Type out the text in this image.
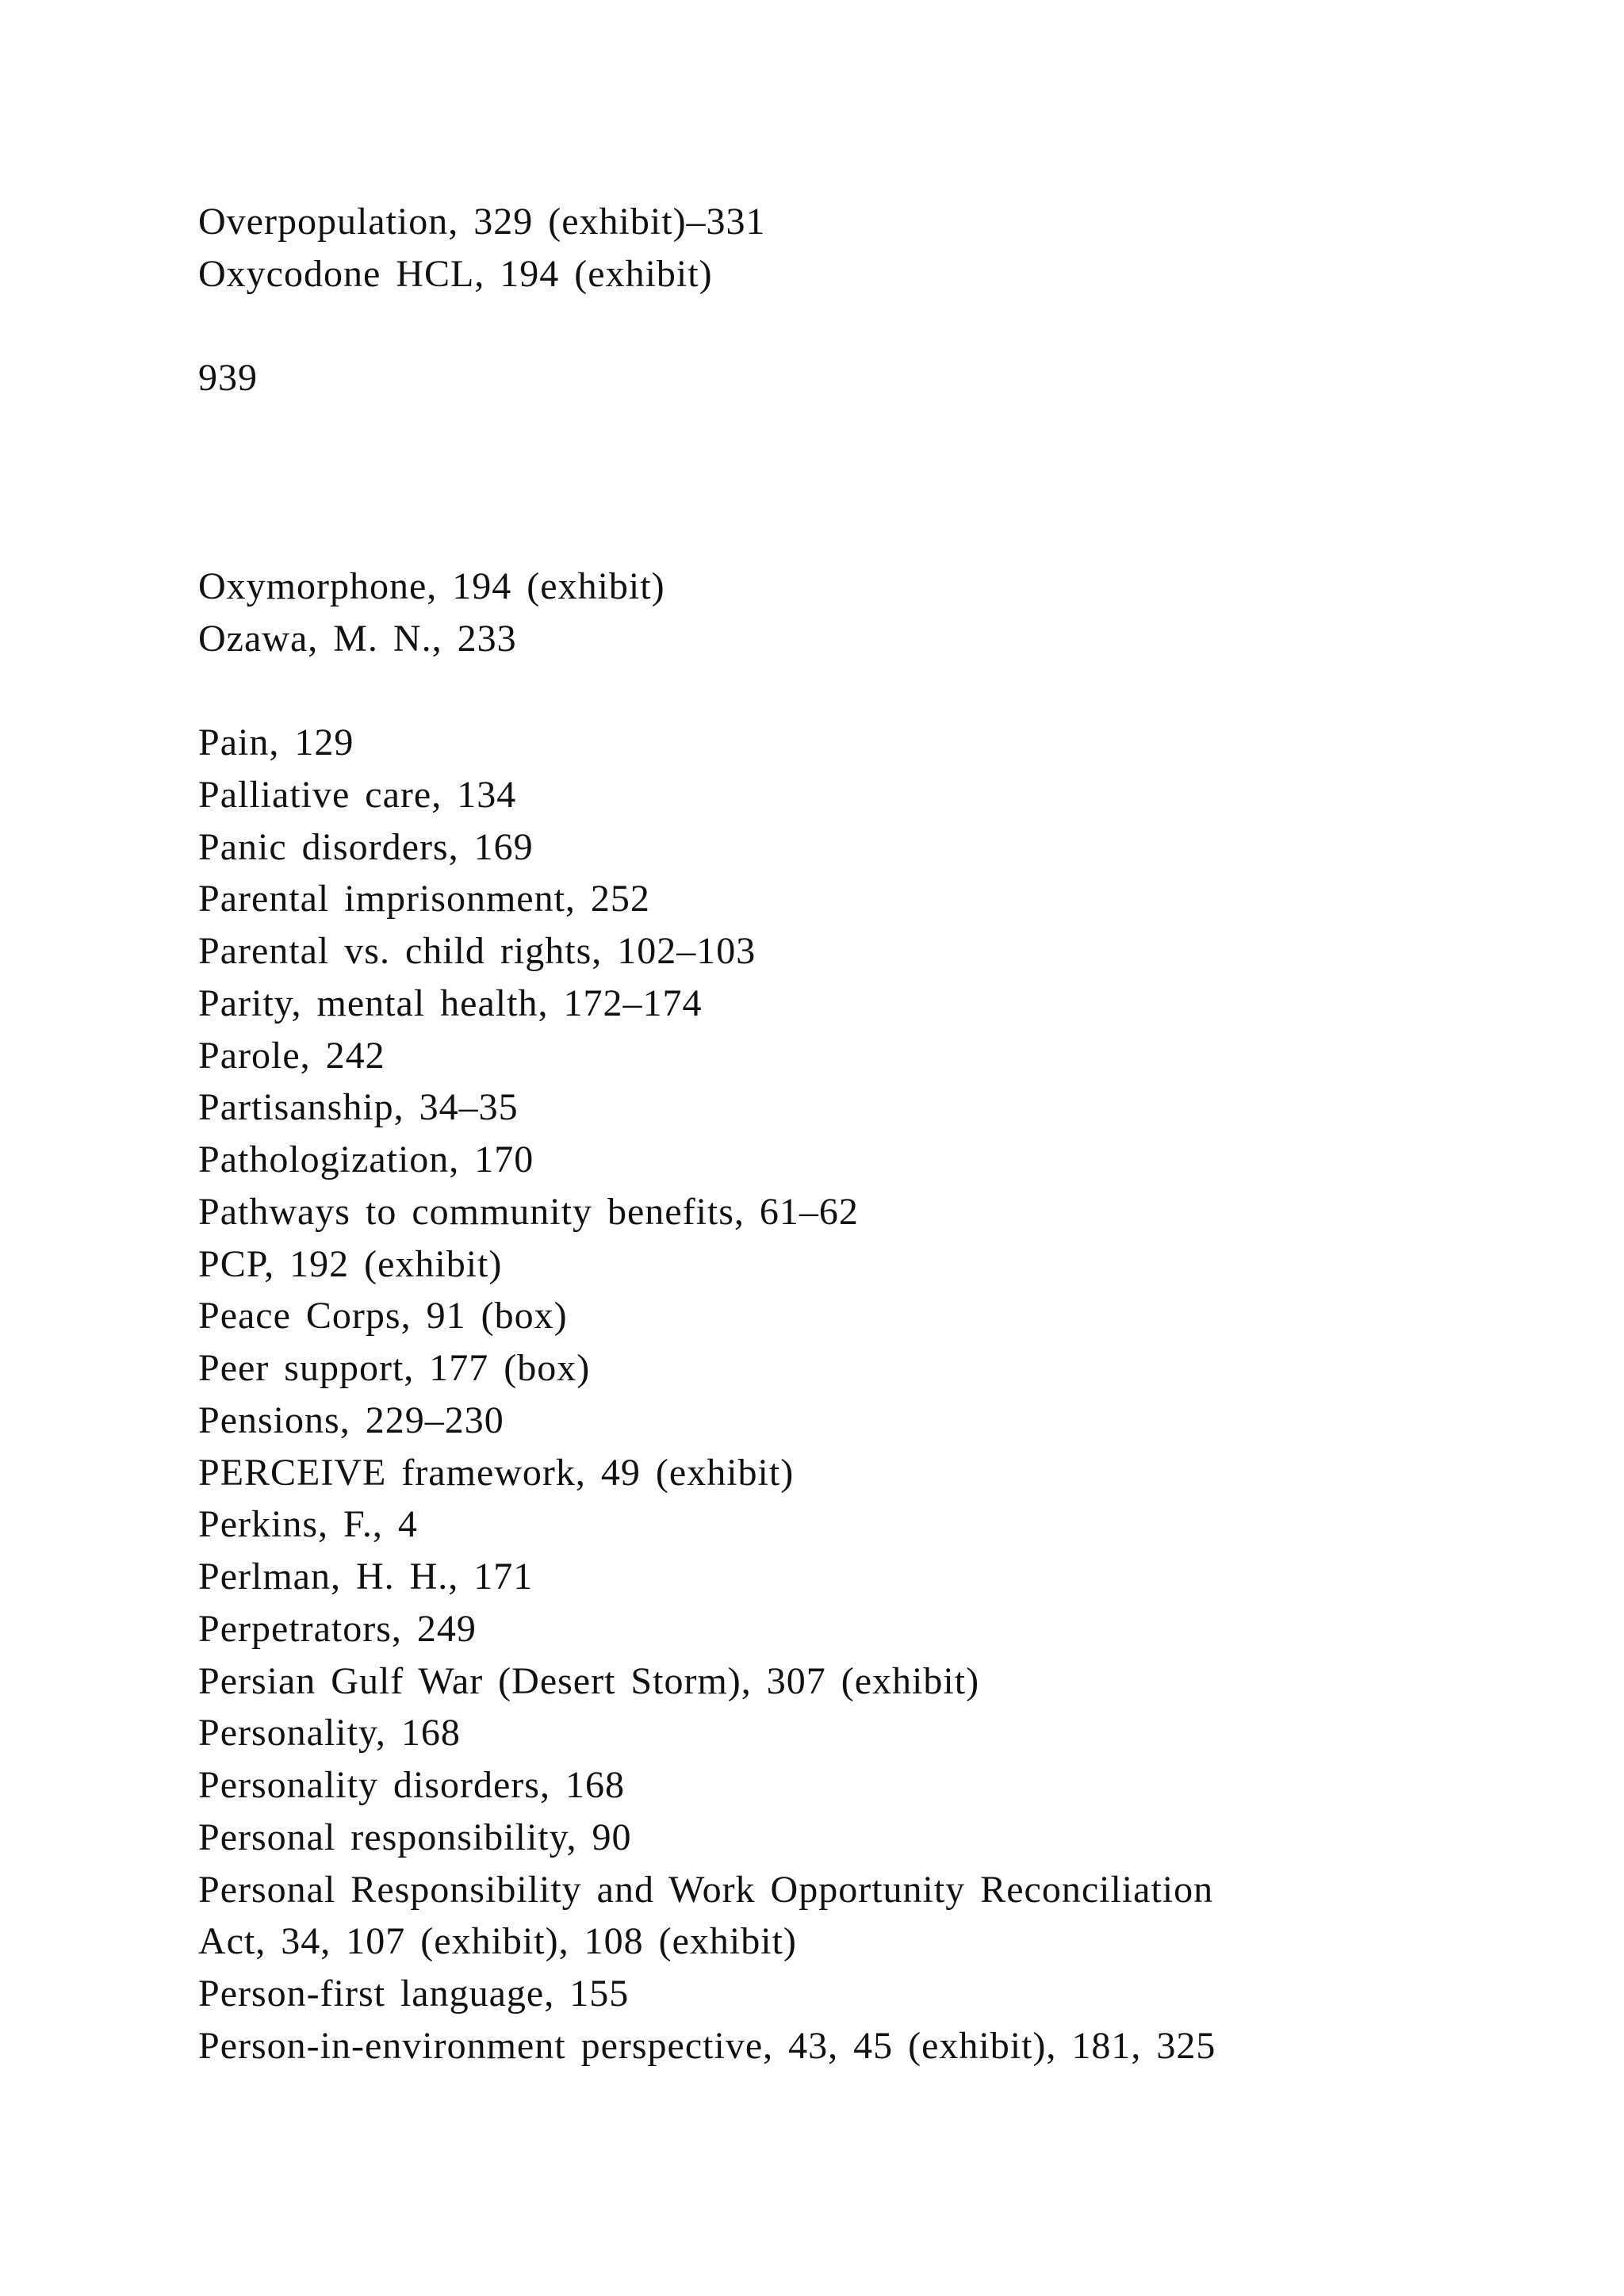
Overpopulation, 329 (exhibit)–331
Oxycodone HCL, 194 (exhibit)
939
Oxymorphone, 194 (exhibit)
Ozawa, M. N., 233
Pain, 129
Palliative care, 134
Panic disorders, 169
Parental imprisonment, 252
Parental vs. child rights, 102–103
Parity, mental health, 172–174
Parole, 242
Partisanship, 34–35
Pathologization, 170
Pathways to community benefits, 61–62
PCP, 192 (exhibit)
Peace Corps, 91 (box)
Peer support, 177 (box)
Pensions, 229–230
PERCEIVE framework, 49 (exhibit)
Perkins, F., 4
Perlman, H. H., 171
Perpetrators, 249
Persian Gulf War (Desert Storm), 307 (exhibit)
Personality, 168
Personality disorders, 168
Personal responsibility, 90
Personal Responsibility and Work Opportunity Reconciliation
Act, 34, 107 (exhibit), 108 (exhibit)
Person-first language, 155
Person-in-environment perspective, 43, 45 (exhibit), 181, 325
